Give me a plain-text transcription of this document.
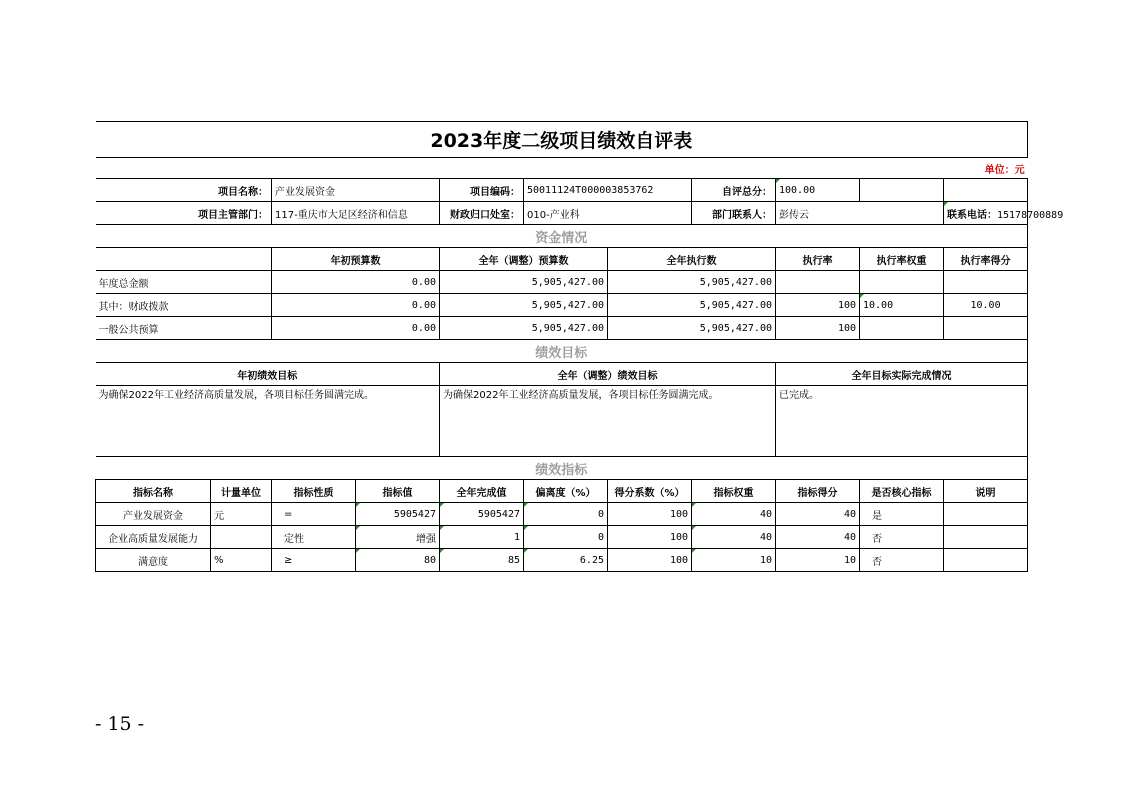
2023年度二级项目绩效自评表										
单位：元										
项目名称：		产业发展资金		项目编码：	50011124T000003853762		自评总分：	100.00		
项目主管部门：		117-重庆市大足区经济和信息		财政归口处室：	010-产业科		部门联系人：	彭传云		联系电话：15178700889
资金情况										
		年初预算数		全年（调整）预算数		全年执行数		执行率	执行率权重	执行率得分
年度总金额		0.00		5,905,427.00		5,905,427.00				
其中：财政拨款		0.00		5,905,427.00		5,905,427.00		100	10.00	10.00
一般公共预算		0.00		5,905,427.00		5,905,427.00		100		
绩效目标										
年初绩效目标				全年（调整）绩效目标				全年目标实际完成情况		
为确保2022年工业经济高质量发展，各项目标任务圆满完成。				为确保2022年工业经济高质量发展，各项目标任务圆满完成。				已完成。		
绩效指标										
指标名称	计量单位	指标性质	指标值	全年完成值	偏离度（%）	得分系数（%）	指标权重	指标得分	是否核心指标	说明
产业发展资金	元	=	5905427	5905427	0	100	40	40	是	
企业高质量发展能力		定性	增强	1	0	100	40	40	否	
满意度	%	≥	80	85	6.25	100	10	10	否	
- 15 -
